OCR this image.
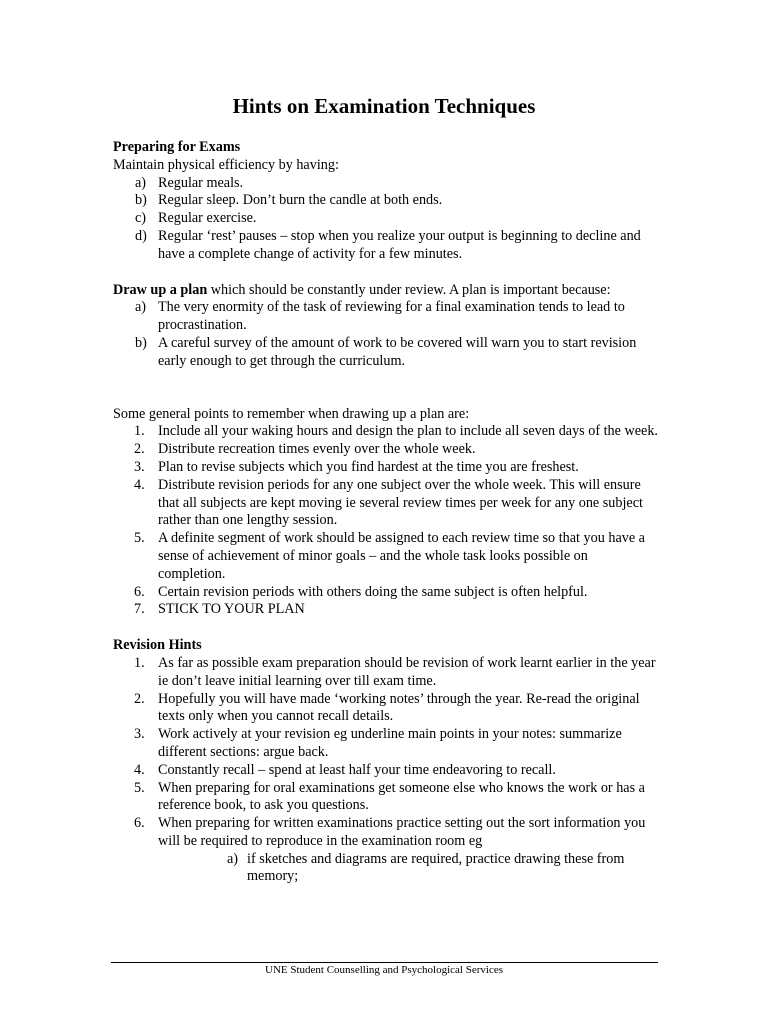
Hints on Examination Techniques

Preparing for Exams

Maintain physical efficiency by having:

a) Regular meals.
b) Regular sleep. Don’t burn the candle at both ends.
c) Regular exercise.
d) Regular ‘rest’ pauses – stop when you realize your output is beginning to decline and have a complete change of activity for a few minutes.

Draw up a plan which should be constantly under review. A plan is important because:

a) The very enormity of the task of reviewing for a final examination tends to lead to procrastination.
b) A careful survey of the amount of work to be covered will warn you to start revision early enough to get through the curriculum.

Some general points to remember when drawing up a plan are:

1. Include all your waking hours and design the plan to include all seven days of the week.
2. Distribute recreation times evenly over the whole week.
3. Plan to revise subjects which you find hardest at the time you are freshest.
4. Distribute revision periods for any one subject over the whole week. This will ensure that all subjects are kept moving ie several review times per week for any one subject rather than one lengthy session.
5. A definite segment of work should be assigned to each review time so that you have a sense of achievement of minor goals – and the whole task looks possible on completion.
6. Certain revision periods with others doing the same subject is often helpful.
7. STICK TO YOUR PLAN

Revision Hints

1. As far as possible exam preparation should be revision of work learnt earlier in the year ie don’t leave initial learning over till exam time.
2. Hopefully you will have made ‘working notes’ through the year. Re-read the original texts only when you cannot recall details.
3. Work actively at your revision eg underline main points in your notes: summarize different sections: argue back.
4. Constantly recall – spend at least half your time endeavoring to recall.
5. When preparing for oral examinations get someone else who knows the work or has a reference book, to ask you questions.
6. When preparing for written examinations practice setting out the sort information you will be required to reproduce in the examination room eg
a) if sketches and diagrams are required, practice drawing these from memory;
UNE Student Counselling and Psychological Services
